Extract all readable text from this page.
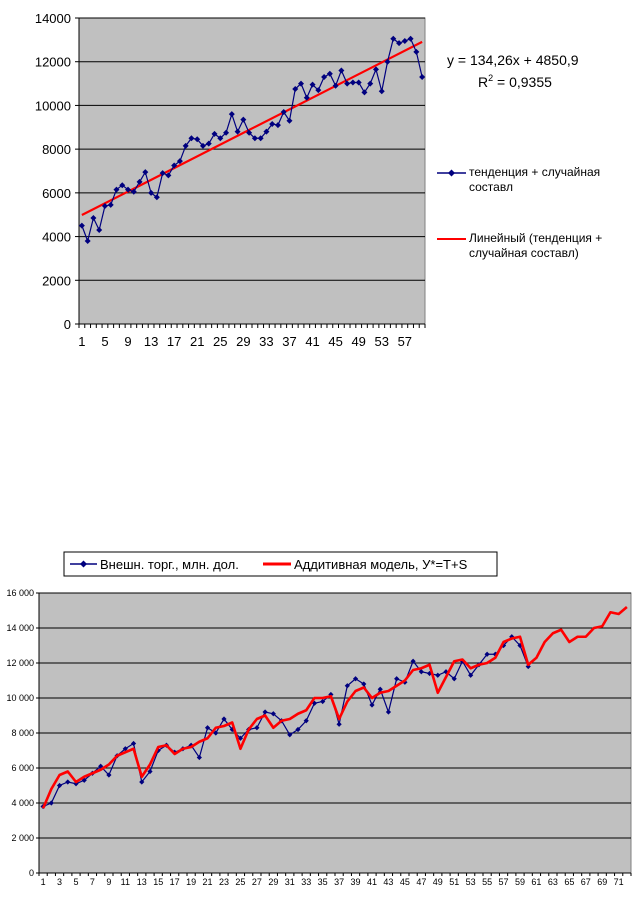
0
2000
4000
6000
8000
10000
12000
14000
1 5 9 13 17 21 25 29 33 37 41 45 49 53 57
y = 134,26x + 4850,9
$R^2 = 0,9355$
тенденция + случайная
составл
Линейный (тенденция +
случайная составл)
Внешн. торг., млн. дол.	Аддитивная модель, У*=T+S
0
2 000
4 000
6 000
8 000
10 000
12 000
14 000
16 000
1 3 5 7 9 11 13 15 17 19 21 23 25 27 29 31 33 35 37 39 41 43 45 47 49 51 53 55 57 59 61 63 65 67 69 71
